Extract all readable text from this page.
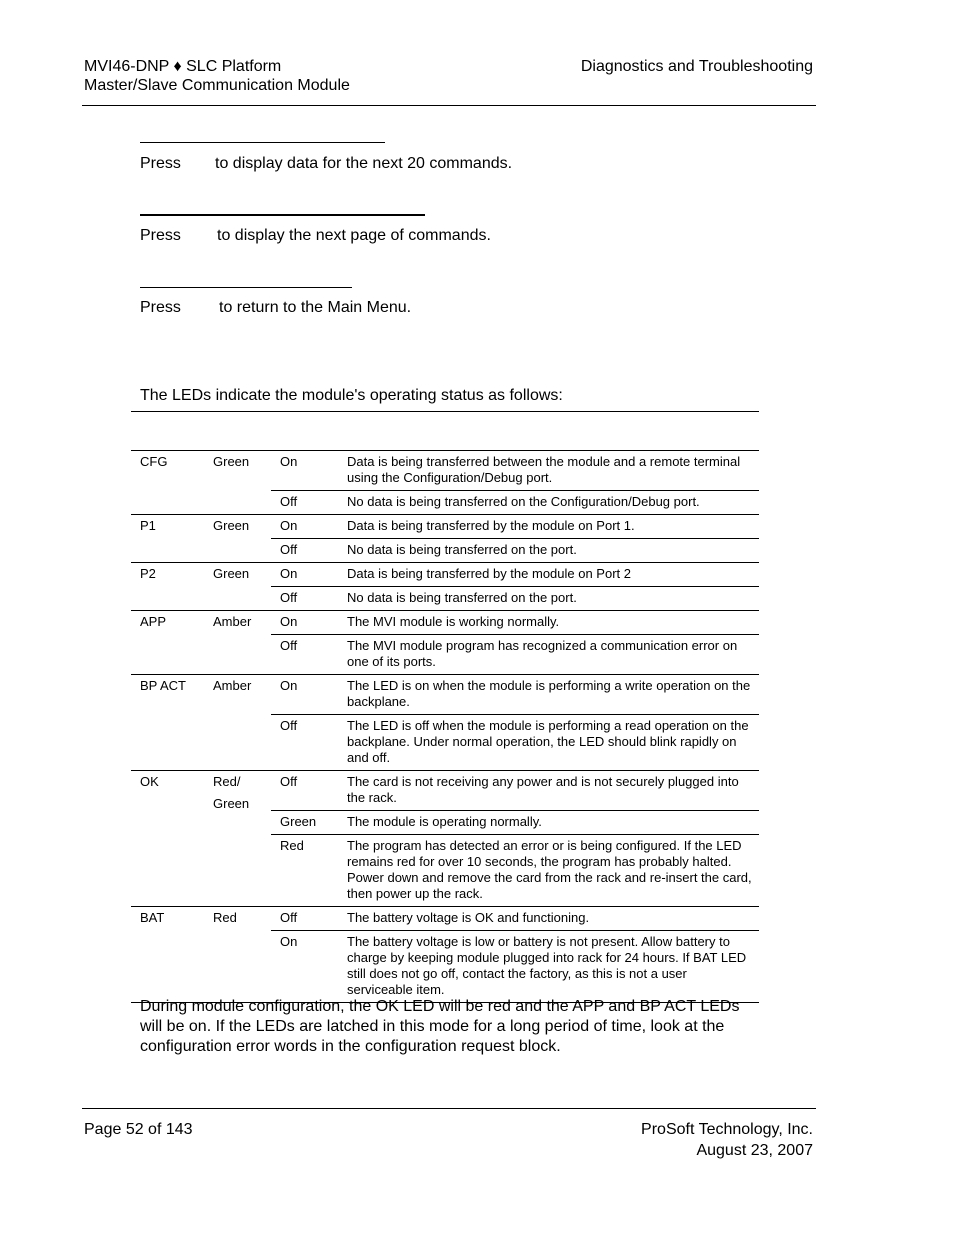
MVI46-DNP ♦ SLC Platform
Master/Slave Communication Module
Diagnostics and Troubleshooting
Press to display data for the next 20 commands.
Press to display the next page of commands.
Press to return to the Main Menu.
The LEDs indicate the module's operating status as follows:
CFG	Green	On	Data is being transferred between the module and a remote terminal using the Configuration/Debug port.
		Off	No data is being transferred on the Configuration/Debug port.
P1	Green	On	Data is being transferred by the module on Port 1.
		Off	No data is being transferred on the port.
P2	Green	On	Data is being transferred by the module on Port 2
		Off	No data is being transferred on the port.
APP	Amber	On	The MVI module is working normally.
		Off	The MVI module program has recognized a communication error on one of its ports.
BP ACT	Amber	On	The LED is on when the module is performing a write operation on the backplane.
		Off	The LED is off when the module is performing a read operation on the backplane. Under normal operation, the LED should blink rapidly on and off.
OK	Red/ Green	Off	The card is not receiving any power and is not securely plugged into the rack.
		Green	The module is operating normally.
		Red	The program has detected an error or is being configured. If the LED remains red for over 10 seconds, the program has probably halted. Power down and remove the card from the rack and re-insert the card, then power up the rack.
BAT	Red	Off	The battery voltage is OK and functioning.
		On	The battery voltage is low or battery is not present. Allow battery to charge by keeping module plugged into rack for 24 hours. If BAT LED still does not go off, contact the factory, as this is not a user serviceable item.

During module configuration, the OK LED will be red and the APP and BP ACT LEDs will be on. If the LEDs are latched in this mode for a long period of time, look at the configuration error words in the configuration request block.
Page 52 of 143	ProSoft Technology, Inc.
August 23, 2007
